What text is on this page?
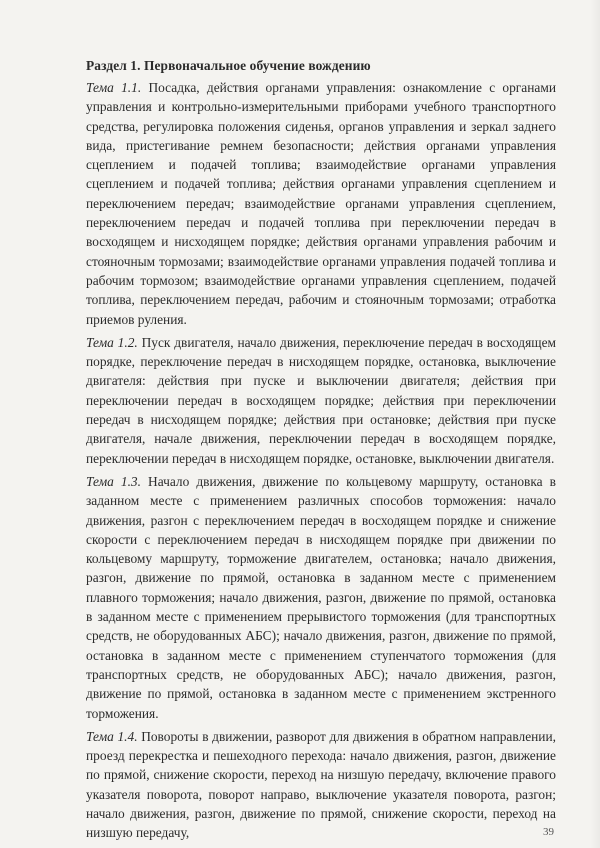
Раздел 1. Первоначальное обучение вождению

Тема 1.1. Посадка, действия органами управления: ознакомление с органами управления и контрольно-измерительными приборами учебного транспортного средства, регулировка положения сиденья, органов управления и зеркал заднего вида, пристегивание ремнем безопасности; действия органами управления сцеплением и подачей топлива; взаимодействие органами управления сцеплением и подачей топлива; действия органами управления сцеплением и переключением передач; взаимодействие органами управления сцеплением, переключением передач и подачей топлива при переключении передач в восходящем и нисходящем порядке; действия органами управления рабочим и стояночным тормозами; взаимодействие органами управления подачей топлива и рабочим тормозом; взаимодействие органами управления сцеплением, подачей топлива, переключением передач, рабочим и стояночным тормозами; отработка приемов руления.

Тема 1.2. Пуск двигателя, начало движения, переключение передач в восходящем порядке, переключение передач в нисходящем порядке, остановка, выключение двигателя: действия при пуске и выключении двигателя; действия при переключении передач в восходящем порядке; действия при переключении передач в нисходящем порядке; действия при остановке; действия при пуске двигателя, начале движения, переключении передач в восходящем порядке, переключении передач в нисходящем порядке, остановке, выключении двигателя.

Тема 1.3. Начало движения, движение по кольцевому маршруту, остановка в заданном месте с применением различных способов торможения: начало движения, разгон с переключением передач в восходящем порядке и снижение скорости с переключением передач в нисходящем порядке при движении по кольцевому маршруту, торможение двигателем, остановка; начало движения, разгон, движение по прямой, остановка в заданном месте с применением плавного торможения; начало движения, разгон, движение по прямой, остановка в заданном месте с применением прерывистого торможения (для транспортных средств, не оборудованных АБС); начало движения, разгон, движение по прямой, остановка в заданном месте с применением ступенчатого торможения (для транспортных средств, не оборудованных АБС); начало движения, разгон, движение по прямой, остановка в заданном месте с применением экстренного торможения.

Тема 1.4. Повороты в движении, разворот для движения в обратном направлении, проезд перекрестка и пешеходного перехода: начало движения, разгон, движение по прямой, снижение скорости, переход на низшую передачу, включение правого указателя поворота, поворот направо, выключение указателя поворота, разгон; начало движения, разгон, движение по прямой, снижение скорости, переход на низшую передачу,	39
